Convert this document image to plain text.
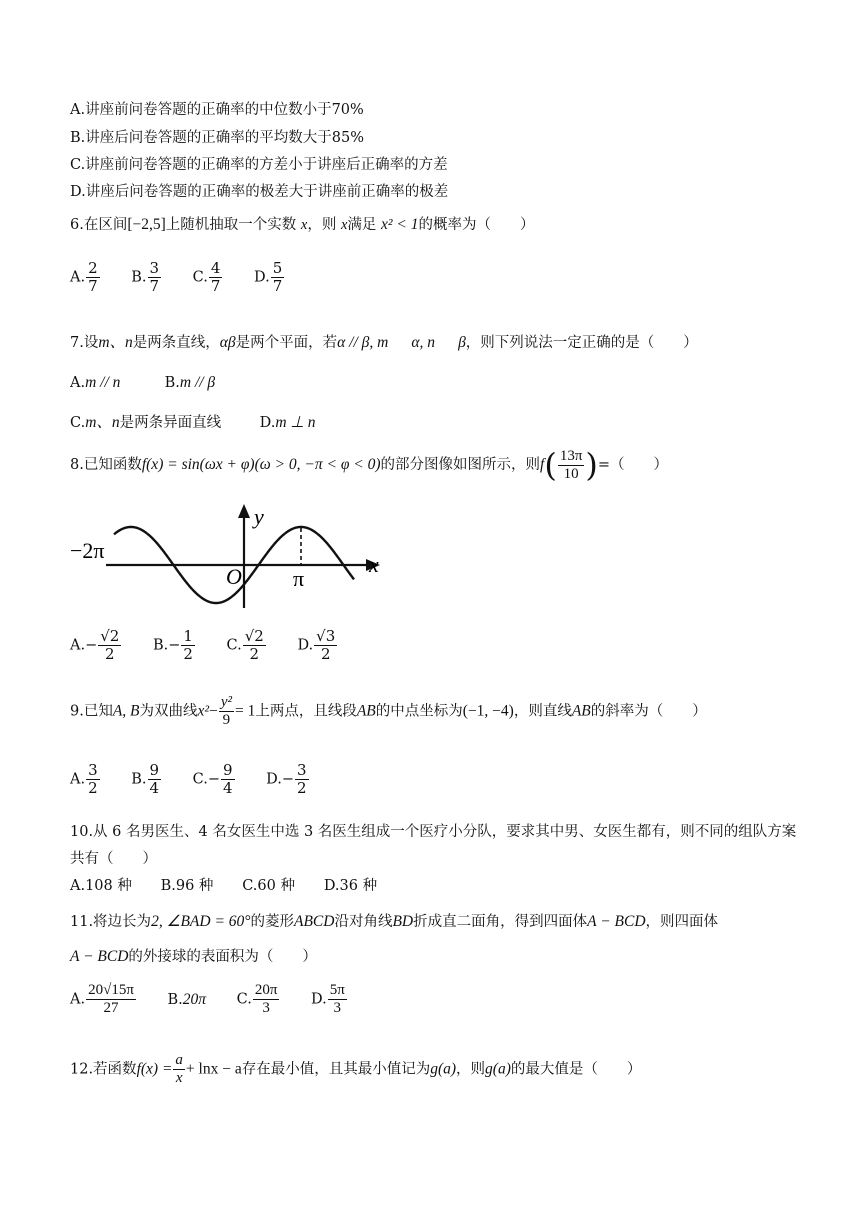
A.讲座前问卷答题的正确率的中位数小于70%
B.讲座后问卷答题的正确率的平均数大于85%
C.讲座前问卷答题的正确率的方差小于讲座后正确率的方差
D.讲座后问卷答题的正确率的极差大于讲座前正确率的极差
6.在区间[−2,5]上随机抽取一个实数 x，则 x满足 x² < 1的概率为（　　）
A. $\frac{2}{7} B$. $\frac{3}{7} C$. $\frac{4}{7} D$. $\frac{5}{7}$
7.设m、n是两条直线，αβ是两个平面，若α // β, m α, n β，则下列说法一定正确的是（　　）
A.m // n	B.m // β
C.m、n是两条异面直线	D.m ⊥ n
8.已知函数f(x) = sin(ωx + φ)(ω > 0, −π < φ < 0)的部分图像如图所示，则$f( \frac{13\pi}{10}$ )=（　　）
−2π
O π
x
y
$A.- \frac{√2}{2} B.- \frac{1}{2} C$. $\frac{√2}{2} D$. $\frac{√3}{2}$
9.已知A, B为双曲线$x^2- \frac{\text{y²}}{9} = 1$上两点，且线段AB的中点坐标为(−1, −4)，则直线AB的斜率为（　　）
A. $\frac{3}{2} B$. $\frac{9}{4} C.- \frac{9}{4} D.- \frac{3}{2}$
10.从 6 名男医生、4 名女医生中选 3 名医生组成一个医疗小分队，要求其中男、女医生都有，则不同的组队方案
共有（　　）
A.108 种 B.96 种 C.60 种 D.36 种
11.将边长为2, ∠BAD = 60°的菱形ABCD沿对角线BD折成直二面角，得到四面体A − BCD，则四面体
A − BCD的外接球的表面积为（　　）
A. $\frac{20√15\pi}{27} B.20\pi$ C. $\frac{20\pi}{3} D$. $\frac{5\pi}{3}$
12.若函数$f(x) = \frac{a}{x} + \ln x - a$存在最小值，且其最小值记为g(a)，则g(a)的最大值是（　　）
